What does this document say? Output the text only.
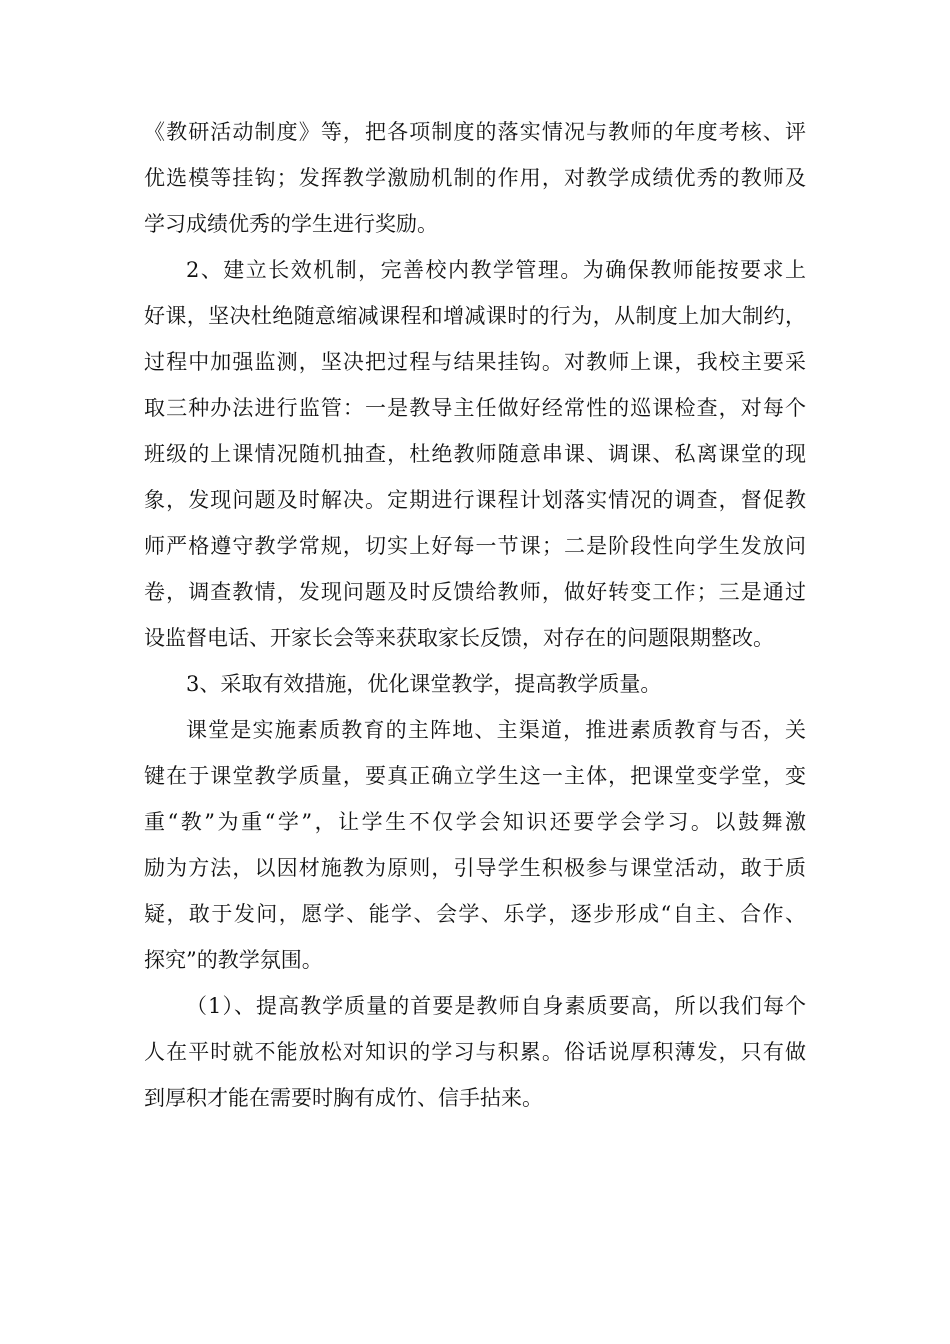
《教研活动制度》等，把各项制度的落实情况与教师的年度考核、评
优选模等挂钩；发挥教学激励机制的作用，对教学成绩优秀的教师及
学习成绩优秀的学生进行奖励。
2、建立长效机制，完善校内教学管理。为确保教师能按要求上
好课，坚决杜绝随意缩减课程和增减课时的行为，从制度上加大制约，
过程中加强监测，坚决把过程与结果挂钩。对教师上课，我校主要采
取三种办法进行监管：一是教导主任做好经常性的巡课检查，对每个
班级的上课情况随机抽查，杜绝教师随意串课、调课、私离课堂的现
象，发现问题及时解决。定期进行课程计划落实情况的调查，督促教
师严格遵守教学常规，切实上好每一节课；二是阶段性向学生发放问
卷，调查教情，发现问题及时反馈给教师，做好转变工作；三是通过
设监督电话、开家长会等来获取家长反馈，对存在的问题限期整改。
3、采取有效措施，优化课堂教学，提高教学质量。
课堂是实施素质教育的主阵地、主渠道，推进素质教育与否，关
键在于课堂教学质量，要真正确立学生这一主体，把课堂变学堂，变
重“教”为重“学”，让学生不仅学会知识还要学会学习。以鼓舞激
励为方法，以因材施教为原则，引导学生积极参与课堂活动，敢于质
疑，敢于发问，愿学、能学、会学、乐学，逐步形成“自主、合作、
探究”的教学氛围。
（1）、提高教学质量的首要是教师自身素质要高，所以我们每个
人在平时就不能放松对知识的学习与积累。俗话说厚积薄发，只有做
到厚积才能在需要时胸有成竹、信手拈来。
